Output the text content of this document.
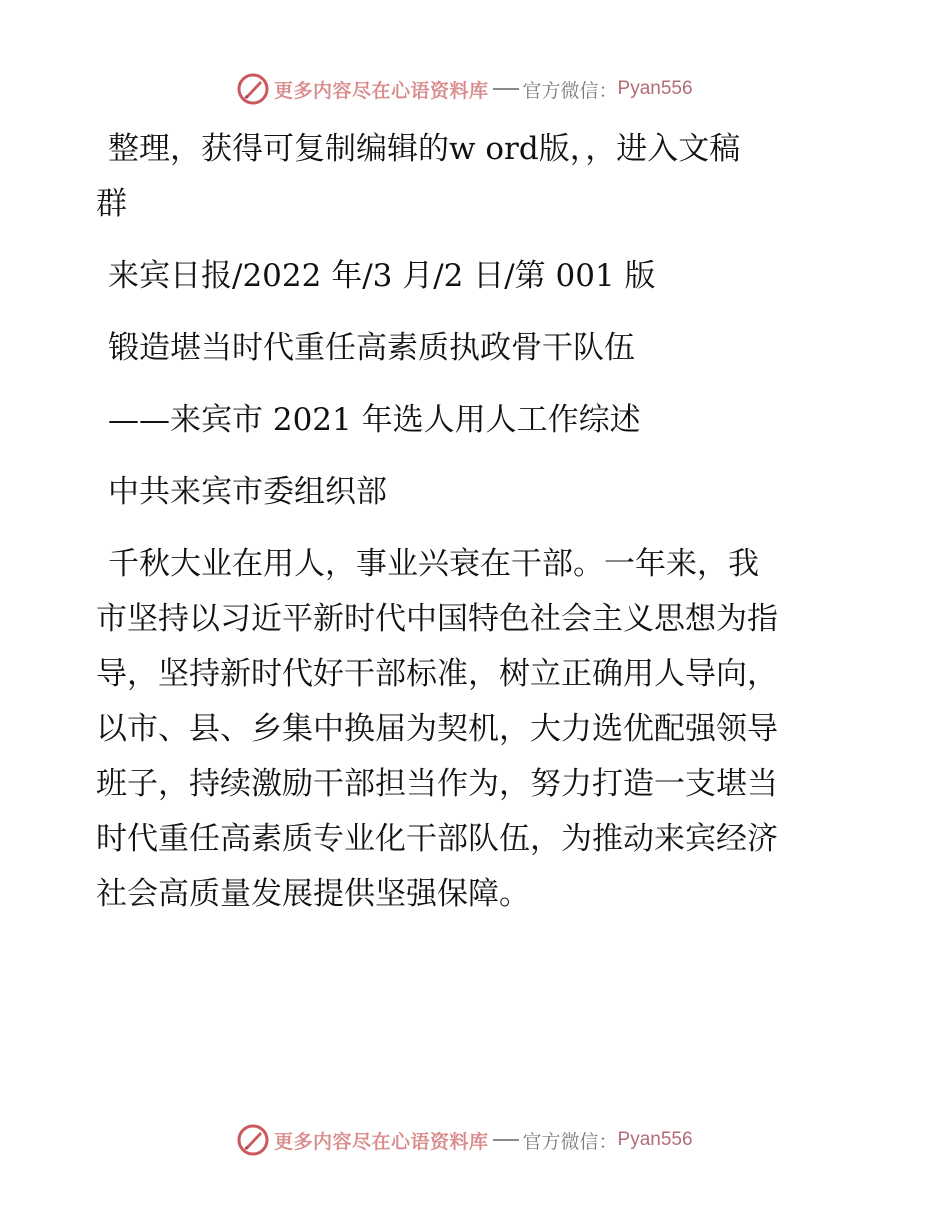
更多内容尽在心语资料库 官方微信： Pyan556
整理，获得可复制编辑的w ord版，，进入文稿
群
来宾日报/2022 年/3 月/2 日/第 001 版
锻造堪当时代重任高素质执政骨干队伍
——来宾市 2021 年选人用人工作综述
中共来宾市委组织部
千秋大业在用人，事业兴衰在干部。一年来，我
市坚持以习近平新时代中国特色社会主义思想为指
导，坚持新时代好干部标准，树立正确用人导向，
以市、县、乡集中换届为契机，大力选优配强领导
班子，持续激励干部担当作为，努力打造一支堪当
时代重任高素质专业化干部队伍，为推动来宾经济
社会高质量发展提供坚强保障。
更多内容尽在心语资料库 官方微信： Pyan556
